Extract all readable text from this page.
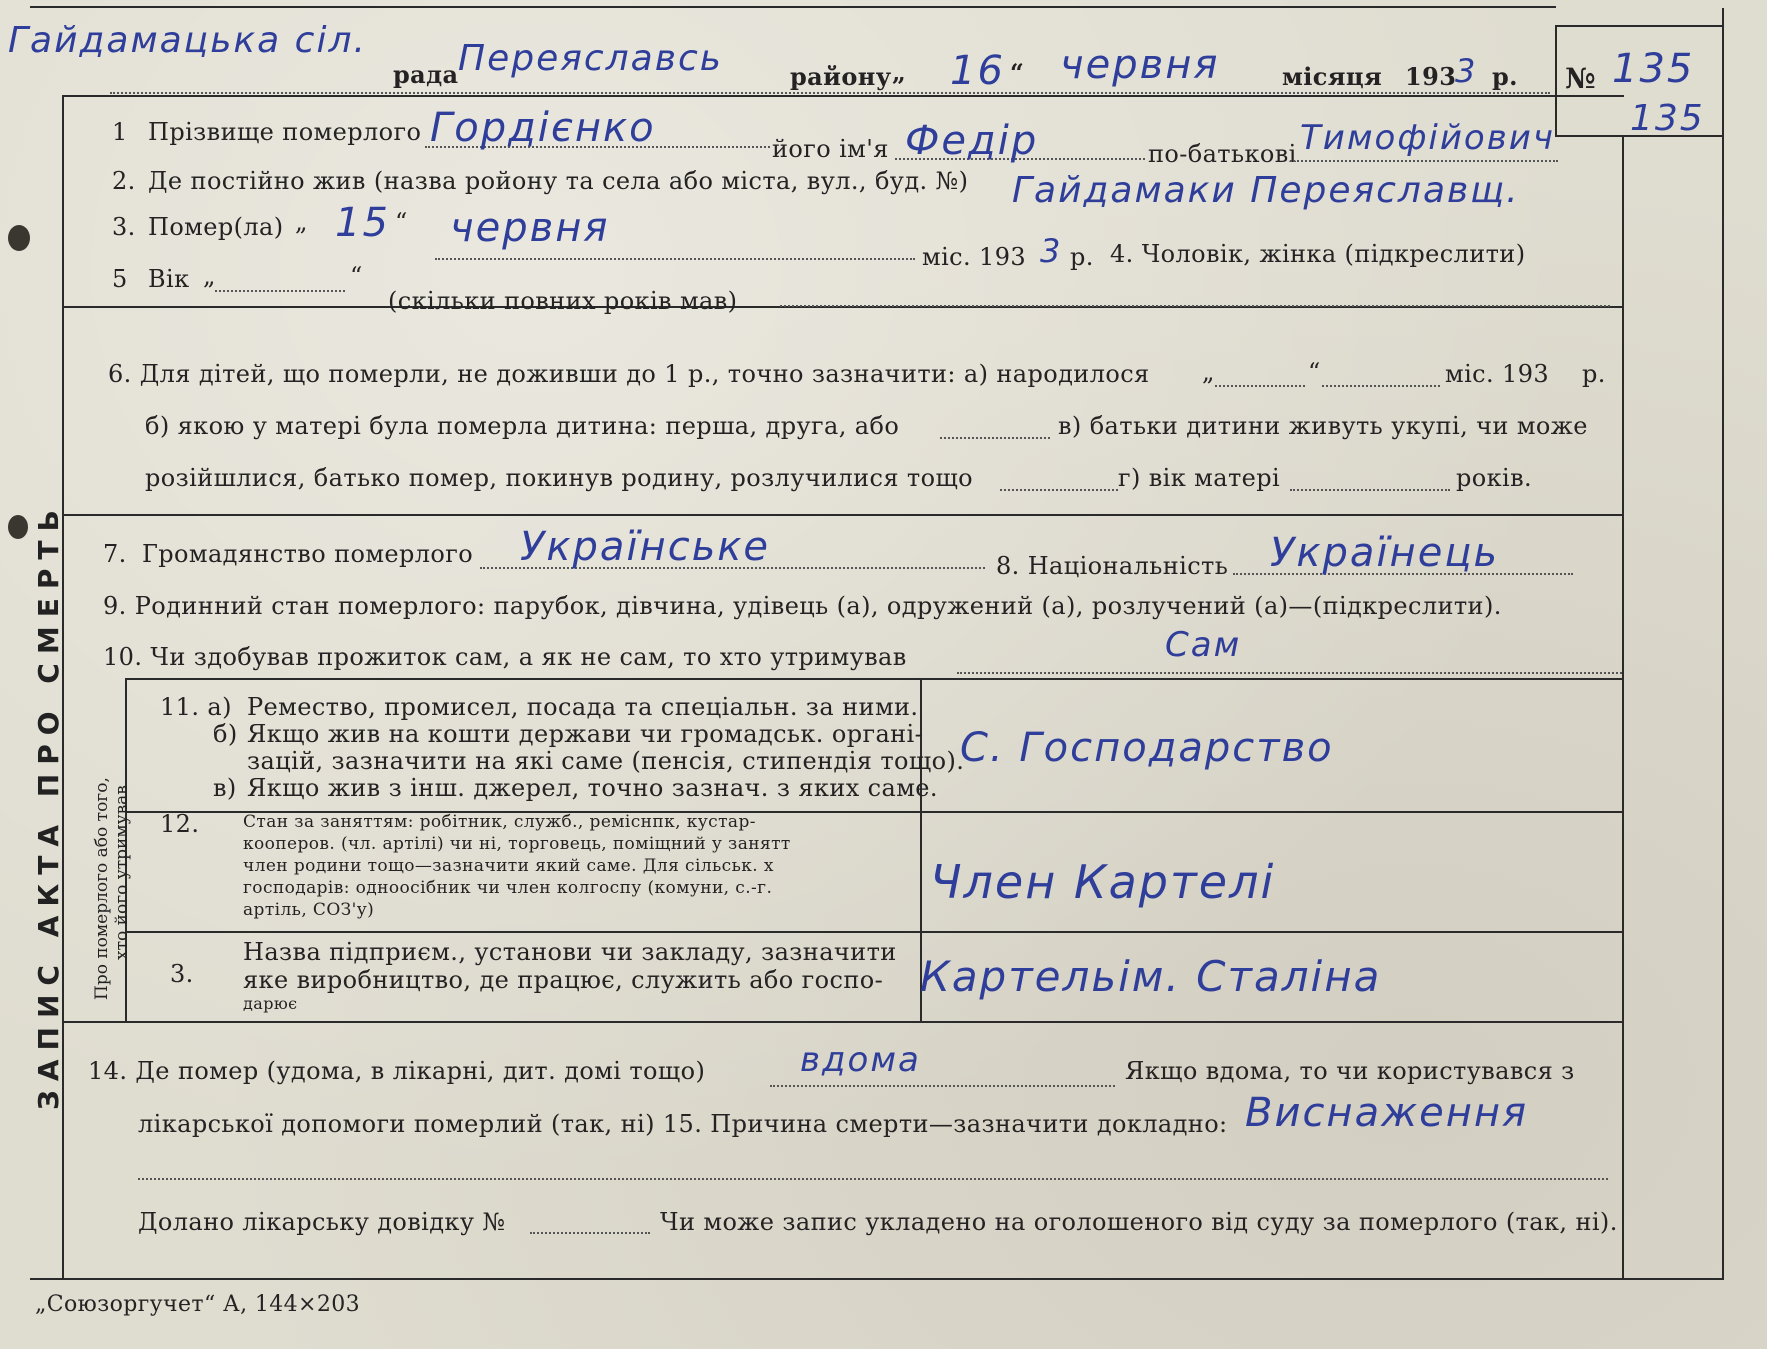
ЗАПИС АКТА ПРО СМЕРТЬ Про померлого або того, хто його утримував
Гайдамацька сіл.
рада Переяславсь	району „ 16 “ червня	місяця 193
3 р. № 135
135
1 Прізвище померлого Гордієнко	його ім'я Федір	по-батькові Тимофійович
2. Де постійно жив (назва ройону та села або міста, вул., буд. №) Гайдамаки Переяславщ.
3. Помер(ла) „ 15 “ червня
міс. 193 3 р. 4. Чоловік, жінка (підкреслити)
5 Вік „	“
(скільки повних років мав)
6. Для дітей, що померли, не доживши до 1 р., точно зазначити: а) народилося „	“	міс. 193 р.
б) якою у матері була померла дитина: перша, друга, або	в) батьки дитини живуть укупі, чи може
розійшлися, батько помер, покинув родину, розлучилися тощо	г) вік матері	років.
7. Громадянство померлого Українське	8. Національність Українець
9. Родинний стан померлого: парубок, дівчина, удівець (а), одружений (а), розлучений (а)—(підкреслити).
10. Чи здобував прожиток сам, а як не сам, то хто утримував	Сам
11. а) Ремество, промисел, посада та спеціальн. за ними.
б) Якщо жив на кошти держави чи громадськ. органі-
зацій, зазначити на які саме (пенсія, стипендія тощо).
в) Якщо жив з інш. джерел, точно зазнач. з яких саме.
С. Господарство
12.	Стан за заняттям: робітник, служб., реміснпк, кустар-
кооперов. (чл. артілі) чи ні, торговець, поміщний у занятт
член родини тощо—зазначити який саме. Для сільськ. х
господарів: одноосібник чи член колгоспу (комуни, с.-г.
артіль, СОЗ'у)
Член Картелі
3.
Назва підприєм., установи чи закладу, зазначити
яке виробництво, де працює, служить або госпо-
дарює
Картельім. Сталіна
14. Де помер (удома, в лікарні, дит. домі тощо)	вдома	Якщо вдома, то чи користувався з
лікарської допомоги померлий (так, ні) 15. Причина смерти—зазначити докладно: Виснаження
Долано лікарську довідку №	Чи може запис укладено на оголошеного від суду за померлого (так, ні).
„Союзоргучет“ А, 144×203
